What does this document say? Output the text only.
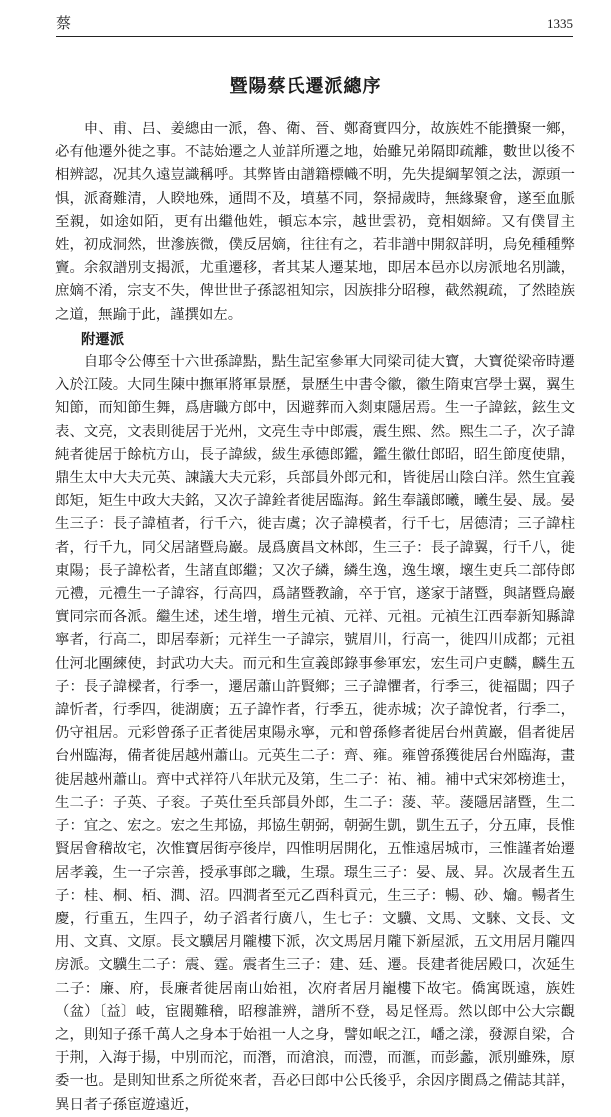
蔡	1335
暨陽蔡氏遷派總序

申、甫、吕、姜總由一派，魯、衛、晉、鄭裔實四分，故族姓不能攢聚一鄉，必有他遷外徙之事。不誌始遷之人並詳所遷之地，始雖兄弟隔即疏離，數世以後不相辨認，况其久遠豈識稱呼。其弊皆由譜籍標幟不明，先失提綱挈領之法，源頭一惧，派裔難清，人睽地殊，通問不及，墳墓不同，祭掃歲時，無緣聚會，遂至血脈至親，如途如陌，更有出繼他姓，頓忘本宗，越世雲礽，竟相姻締。又有僕冒主姓，初成洞然，世滲族微，僕反居嫡，往往有之，若非譜中開叙詳明，烏免種種弊竇。余叙譜別支揭派，尤重遷移，者其某人遷某地，即居本邑亦以房派地名別識，庶嫡不淆，宗支不失，俾世世子孫認祖知宗，因族排分昭穆，截然親疏，了然睦族之道，無踰于此，謹撰如左。

附遷派

自耶令公傳至十六世孫諱點，點生記室參軍大同梁司徒大寶，大寶從梁帝時遷入於江陵。大同生陳中撫軍將軍景歷，景歷生中書令徽，徽生隋東宫學士翼，翼生知節，而知節生舞，爲唐職方郎中，因避葬而入剡東隱居焉。生一子諱鉉，鉉生文表、文亮，文表則徙居于光州，文亮生寺中郎震，震生熙、然。熙生二子，次子諱純者徙居于餘杭方山，長子諱紱，紱生承德郎鑑，鑑生徽仕郎昭，昭生節度使鼎，鼎生太中大夫元英、諫議大夫元彩，兵部員外郎元和，皆徙居山陰白洋。然生宜義郎矩，矩生中政大夫銘，又次子諱銓者徙居臨海。銘生奉議郎曦，曦生晏、晟。晏生三子：長子諱植者，行千六，徙吉虞；次子諱模者，行千七，居德清；三子諱柱者，行千九，同父居諸暨烏巖。晟爲廣昌文林郎，生三子：長子諱翼，行千八，徙東陽；長子諱松者，生諸直郎繼；又次子繗，繗生逸，逸生壞，壞生吏兵二部侍郎元禮，元禮生一子諱容，行高四，爲諸暨教諭，卒于官，遂家于諸暨，與諸暨烏巖實同宗而各派。繼生述，述生增，增生元禎、元祥、元祖。元禎生江西奉新知縣諱寧者，行高二，即居奉新；元祥生一子諱宗，號眉川，行高一，徙四川成都；元祖仕河北團練使，封武功大夫。而元和生宣義郎錄事參軍宏，宏生司户吏麟，麟生五子：長子諱樑者，行季一，遷居蕭山許賢鄉；三子諱懼者，行季三，徙福闆；四子諱忻者，行季四，徙湖廣；五子諱怍者，行季五，徙赤城；次子諱悅者，行季二，仍守祖居。元彩曾孫子正者徙居東陽永寧，元和曾孫修者徙居台州黄巖，倡者徙居台州臨海，備者徙居越州蕭山。元英生二子：齊、雍。雍曾孫獲徙居台州臨海，畫徙居越州蕭山。齊中式祥符八年狀元及第，生二子：祐、補。補中式宋郊榜進士，生二子：子英、子衮。子英仕至兵部員外郎，生二子：蔆、苹。蔆隱居諸暨，生二子：宜之、宏之。宏之生邦協，邦協生朝弼，朝弼生凱，凱生五子，分五庫，長惟賢居會稽故宅，次惟寶居街亭後岸，四惟明居開化，五惟遠居城市，三惟謹者始遷居孝義，生一子宗善，授承事郎之職，生璟。璟生三子：晏、晟、昇。次晟者生五子：桂、桐、栢、澗、沼。四澗者至元乙酉科貢元，生三子：暢、砂、爚。暢者生慶，行重五，生四子，幼子滔者行廣八，生七子：文驥、文馬、文騋、文長、文用、文真、文原。長文驥居月隴樓下派，次文馬居月隴下新屋派，五文用居月隴四房派。文驥生二子：震、霆。震者生三子：建、廷、遷。長建者徙居殿口，次延生二子：廉、府，長廉者徙居南山始祖，次府者居月巃樓下故宅。僑寓既遠，族姓（盆）〔益〕岐，宦閥難稽，昭穆誰辨，譜所不登，曷足怪焉。然以郎中公大宗觀之，則知子孫千萬人之身本于始祖一人之身，譬如岷之江，嶓之漾，發源自梁，合于荆，入海于揚，中別而沱，而潛，而滄浪，而澧，而滙，而彭蠡，派別雖殊，原委一也。是則知世系之所從來者，吾必曰郎中公氏後乎，余因序閬爲之備誌其詳，異日者子孫宦遊遠近，
